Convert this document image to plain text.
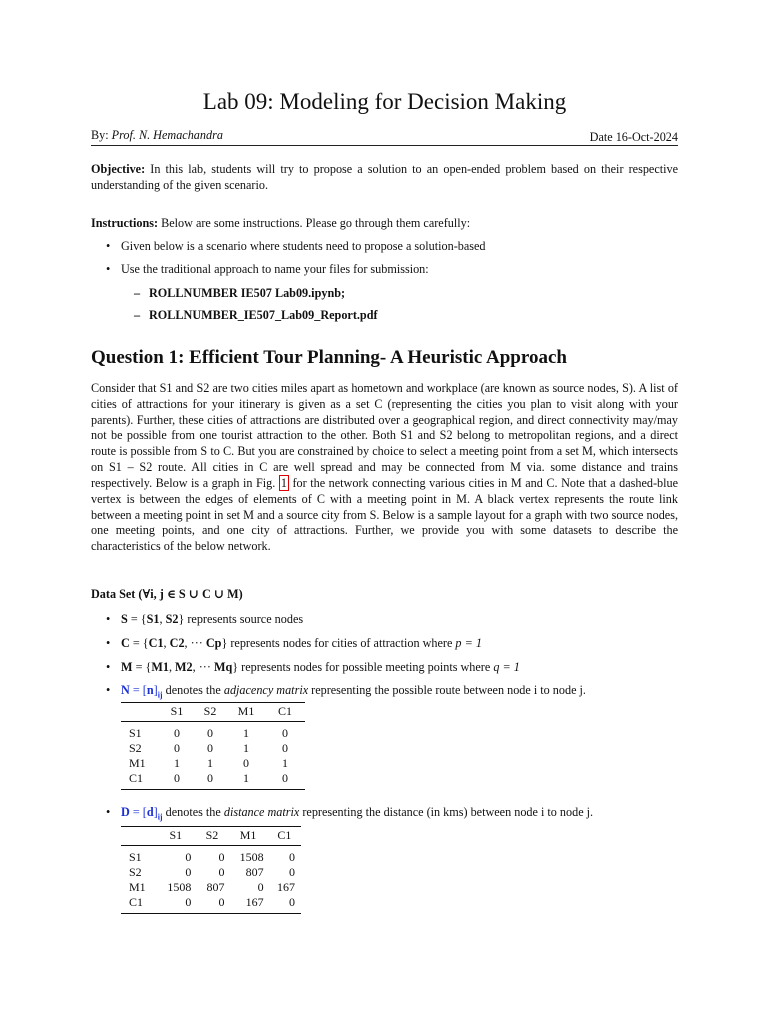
Lab 09: Modeling for Decision Making
By: Prof. N. Hemachandra	Date 16-Oct-2024
Objective: In this lab, students will try to propose a solution to an open-ended problem based on their respective understanding of the given scenario.
Instructions: Below are some instructions. Please go through them carefully:
• Given below is a scenario where students need to propose a solution-based
• Use the traditional approach to name your files for submission:
– ROLLNUMBER IE507 Lab09.ipynb;
– ROLLNUMBER_IE507_Lab09_Report.pdf
Question 1: Efficient Tour Planning- A Heuristic Approach
Consider that S1 and S2 are two cities miles apart as hometown and workplace (are known as source nodes, S). A list of cities of attractions for your itinerary is given as a set C (representing the cities you plan to visit along with your parents). Further, these cities of attractions are distributed over a geographical region, and direct connectivity may/may not be possible from one tourist attraction to the other. Both S1 and S2 belong to metropolitan regions, and a direct route is possible from S to C. But you are constrained by choice to select a meeting point from a set M, which intersects on S1 – S2 route. All cities in C are well spread and may be connected from M via. some distance and trains respectively. Below is a graph in Fig. 1 for the network connecting various cities in M and C. Note that a dashed-blue vertex is between the edges of elements of C with a meeting point in M. A black vertex represents the route link between a meeting point in set M and a source city from S. Below is a sample layout for a graph with two source nodes, one meeting points, and one city of attractions. Further, we provide you with some datasets to describe the characteristics of the below network.
Data Set (∀i, j ∈ S ∪ C ∪ M)
• S = {S1, S2} represents source nodes
• C = {C1, C2, ··· Cp} represents nodes for cities of attraction where p = 1
• M = {M1, M2, ··· Mq} represents nodes for possible meeting points where q = 1
• $N = [n]_{ij}$ denotes the adjacency matrix representing the possible route between node i to node j.
	S1	S2	M1	C1
S1	0	0	1	0
S2	0	0	1	0
M1	1	1	0	1
C1	0	0	1	0
• $D = [d]_{ij}$ denotes the distance matrix representing the distance (in kms) between node i to node j.
	S1	S2	M1	C1
S1	0	0	1508	0
S2	0	0	807	0
M1	1508	807	0	167
C1	0	0	167	0
